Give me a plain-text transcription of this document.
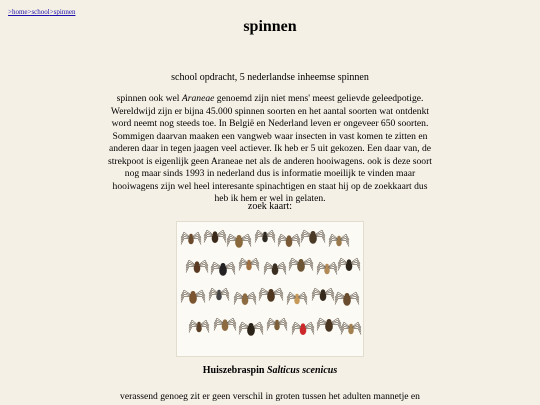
>home>school>spinnen
spinnen
school opdracht, 5 nederlandse inheemse spinnen

spinnen ook wel Araneae genoemd zijn niet mens' meest gelievde geleedpotige. Wereldwijd zijn er bijna 45.000 spinnen soorten en het aantal soorten wat ontdenkt word neemt nog steeds toe. In België en Nederland leven er ongeveer 650 soorten. Sommigen daarvan maaken een vangweb waar insecten in vast komen te zitten en anderen daar in tegen jaagen veel actiever. Ik heb er 5 uit gekozen. Een daar van, de strekpoot is eigenlijk geen Araneae net als de anderen hooiwagens. ook is deze soort nog maar sinds 1993 in nederland dus is informatie moeilijk te vinden maar hooiwagens zijn wel heel interesante spinachtigen en staat hij op de zoekkaart dus heb ik hem er wel in gelaten.

zoek kaart:
Huiszebraspin Salticus scenicus

verassend genoeg zit er geen verschil in groten tussen het adulten mannetje en
